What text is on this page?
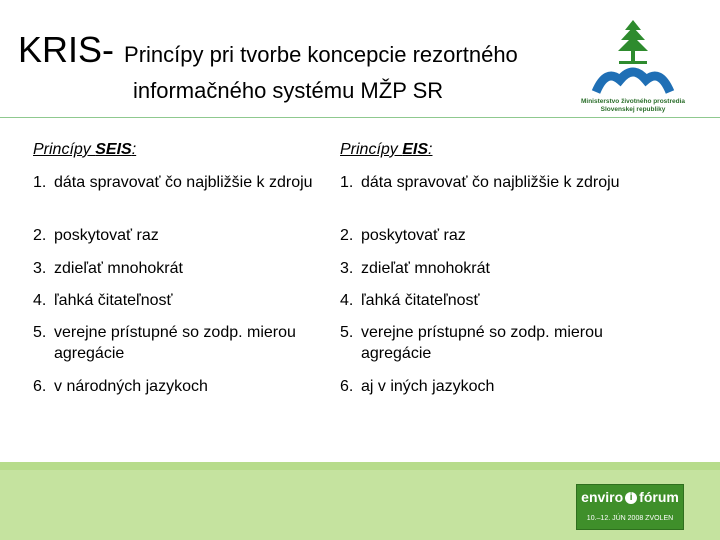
KRIS- Princípy pri tvorbe koncepcie rezortného
informačného systému MŽP SR	Ministerstvo životného prostredia
Slovenskej republiky
Princípy SEIS:
1. dáta spravovať čo najbližšie k zdroju
2. poskytovať raz
3. zdieľať mnohokrát
4. ľahká čitateľnosť
5. verejne prístupné so zodp. mierou agregácie
6. v národných jazykoch
Princípy EIS:
1. dáta spravovať čo najbližšie k zdroju
2. poskytovať raz
3. zdieľať mnohokrát
4. ľahká čitateľnosť
5. verejne prístupné so zodp. mierou agregácie
6. aj v iných jazykoch
enviro i fórum
10.–12. JÚN 2008 ZVOLEN
